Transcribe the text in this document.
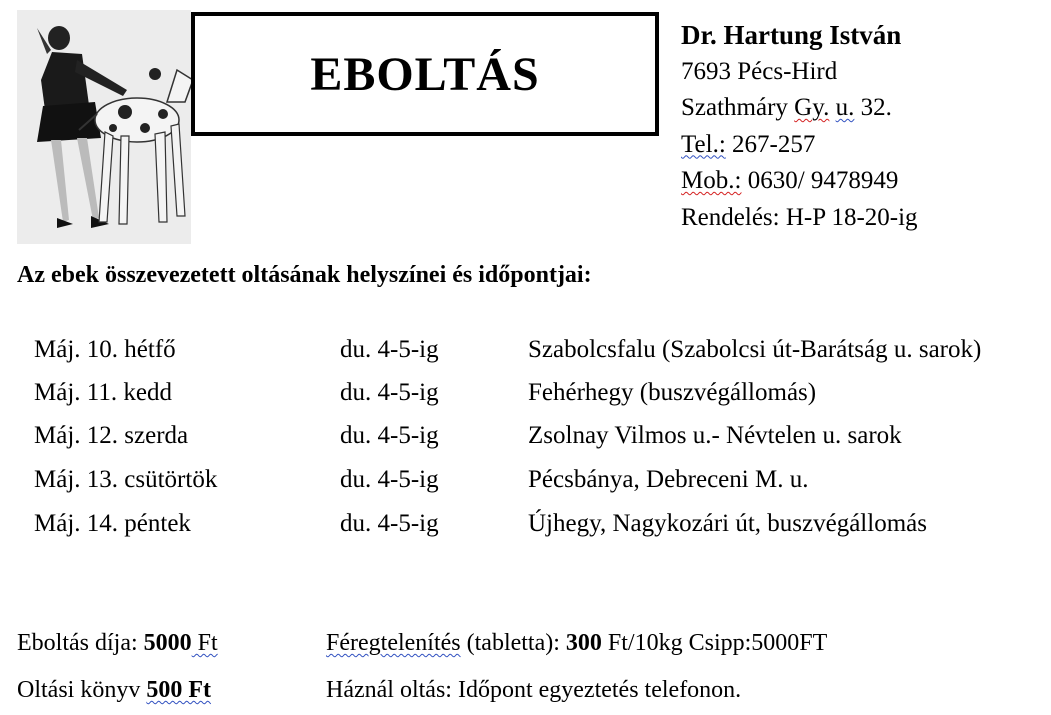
EBOLTÁS
Dr. Hartung István
7693 Pécs-Hird
Szathmáry Gy. u. 32.
Tel.: 267-257
Mob.: 0630/ 9478949
Rendelés: H-P 18-20-ig
Az ebek összevezetett oltásának helyszínei és időpontjai:
Máj. 10. hétfő	du. 4-5-ig	Szabolcsfalu (Szabolcsi út-Barátság u. sarok)
Máj. 11. kedd	du. 4-5-ig	Fehérhegy (buszvégállomás)
Máj. 12. szerda	du. 4-5-ig	Zsolnay Vilmos u.- Névtelen u. sarok
Máj. 13. csütörtök	du. 4-5-ig	Pécsbánya, Debreceni M. u.
Máj. 14. péntek	du. 4-5-ig	Újhegy, Nagykozári út, buszvégállomás
Eboltás díja: 5000 Ft	Féregtelenítés (tabletta): 300 Ft/10kg Csipp:5000FT
Oltási könyv 500 Ft	Háznál oltás: Időpont egyeztetés telefonon.
